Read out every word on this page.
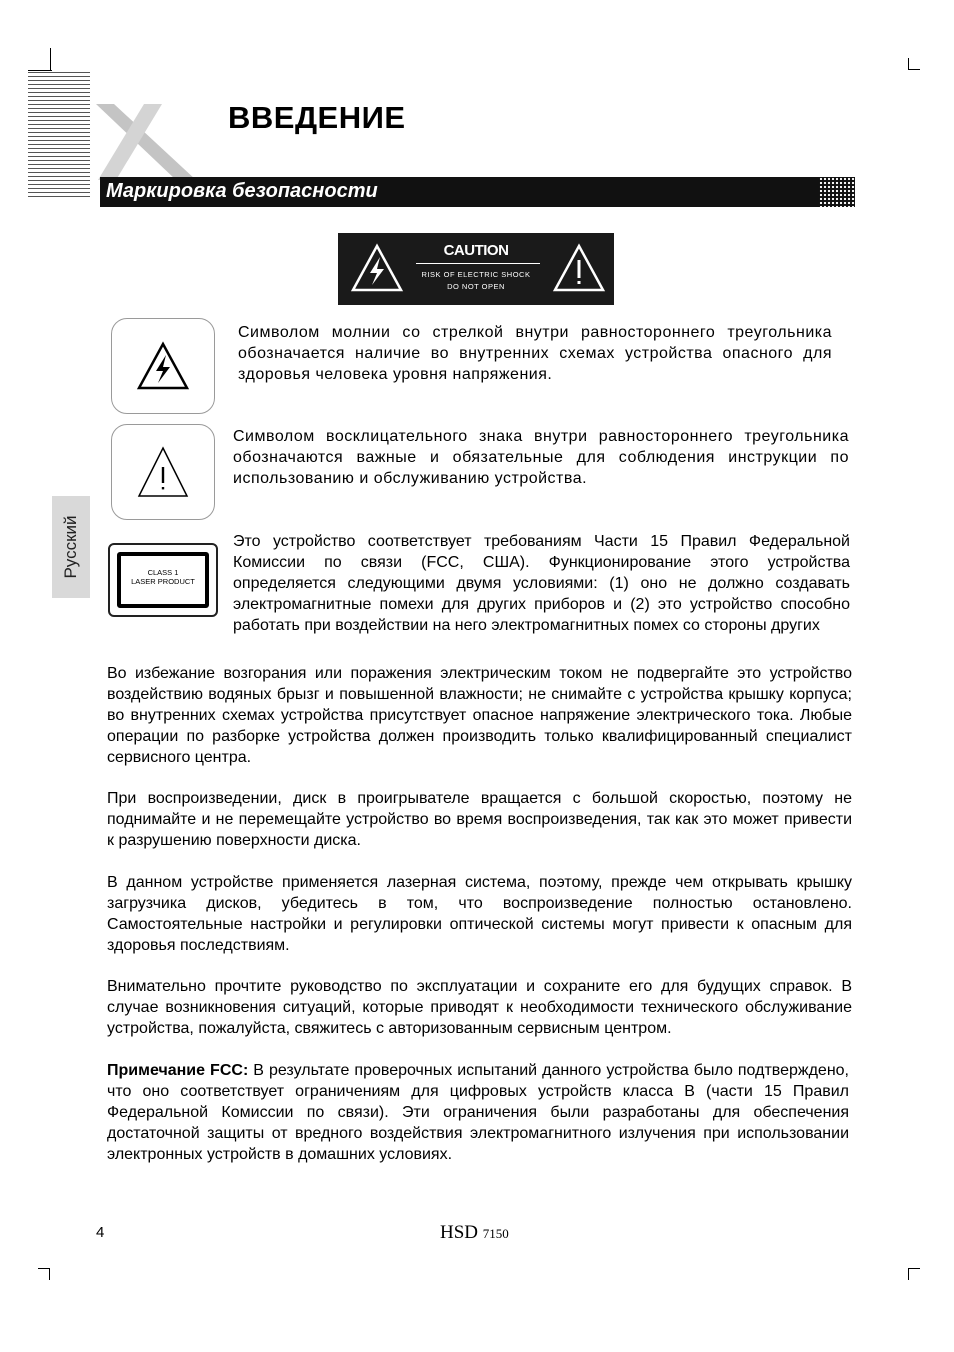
ВВЕДЕНИЕ
Маркировка безопасности
CAUTION
RISK OF ELECTRIC SHOCK
DO NOT OPEN

Символом молнии со стрелкой внутри равностороннего треугольника обозначается наличие во внутренних схемах устройства опасного для здоровья человека уровня напряжения.

Символом восклицательного знака внутри равностороннего треугольника обозначаются важные и обязательные для соблюдения инструкции по использованию и обслуживанию устройства.

Русский	CLASS 1
LASER PRODUCT

Это устройство соответствует требованиям Части 15 Правил Федеральной Комиссии по связи (FCC, США). Функционирование этого устройства определяется следующими двумя условиями: (1) оно не должно создавать электромагнитные помехи для других приборов и (2) это устройство способно работать при воздействии на него электромагнитных помех со стороны других

Во избежание возгорания или поражения электрическим током не подвергайте это устройство воздействию водяных брызг и повышенной влажности; не снимайте с устройства крышку корпуса; во внутренних схемах устройства присутствует опасное напряжение электрического тока. Любые операции по разборке устройства должен производить только квалифицированный специалист сервисного центра.

При воспроизведении, диск в проигрывателе вращается с большой скоростью, поэтому не поднимайте и не перемещайте устройство во время воспроизведения, так как это может привести к разрушению поверхности диска.

В данном устройстве применяется лазерная система, поэтому, прежде чем открывать крышку загрузчика дисков, убедитесь в том, что воспроизведение полностью остановлено. Самостоятельные настройки и регулировки оптической системы могут привести к опасным для здоровья последствиям.

Внимательно прочтите руководство по эксплуатации и сохраните его для будущих справок. В случае возникновения ситуаций, которые приводят к необходимости технического обслуживание устройства, пожалуйста, свяжитесь с авторизованным сервисным центром.

Примечание FCC: В результате проверочных испытаний данного устройства было подтверждено, что оно соответствует ограничениям для цифровых устройств класса B (части 15 Правил Федеральной Комиссии по связи). Эти ограничения были разработаны для обеспечения достаточной защиты от вредного воздействия электромагнитного излучения при использовании электронных устройств в домашних условиях.

4	HSD 7150
